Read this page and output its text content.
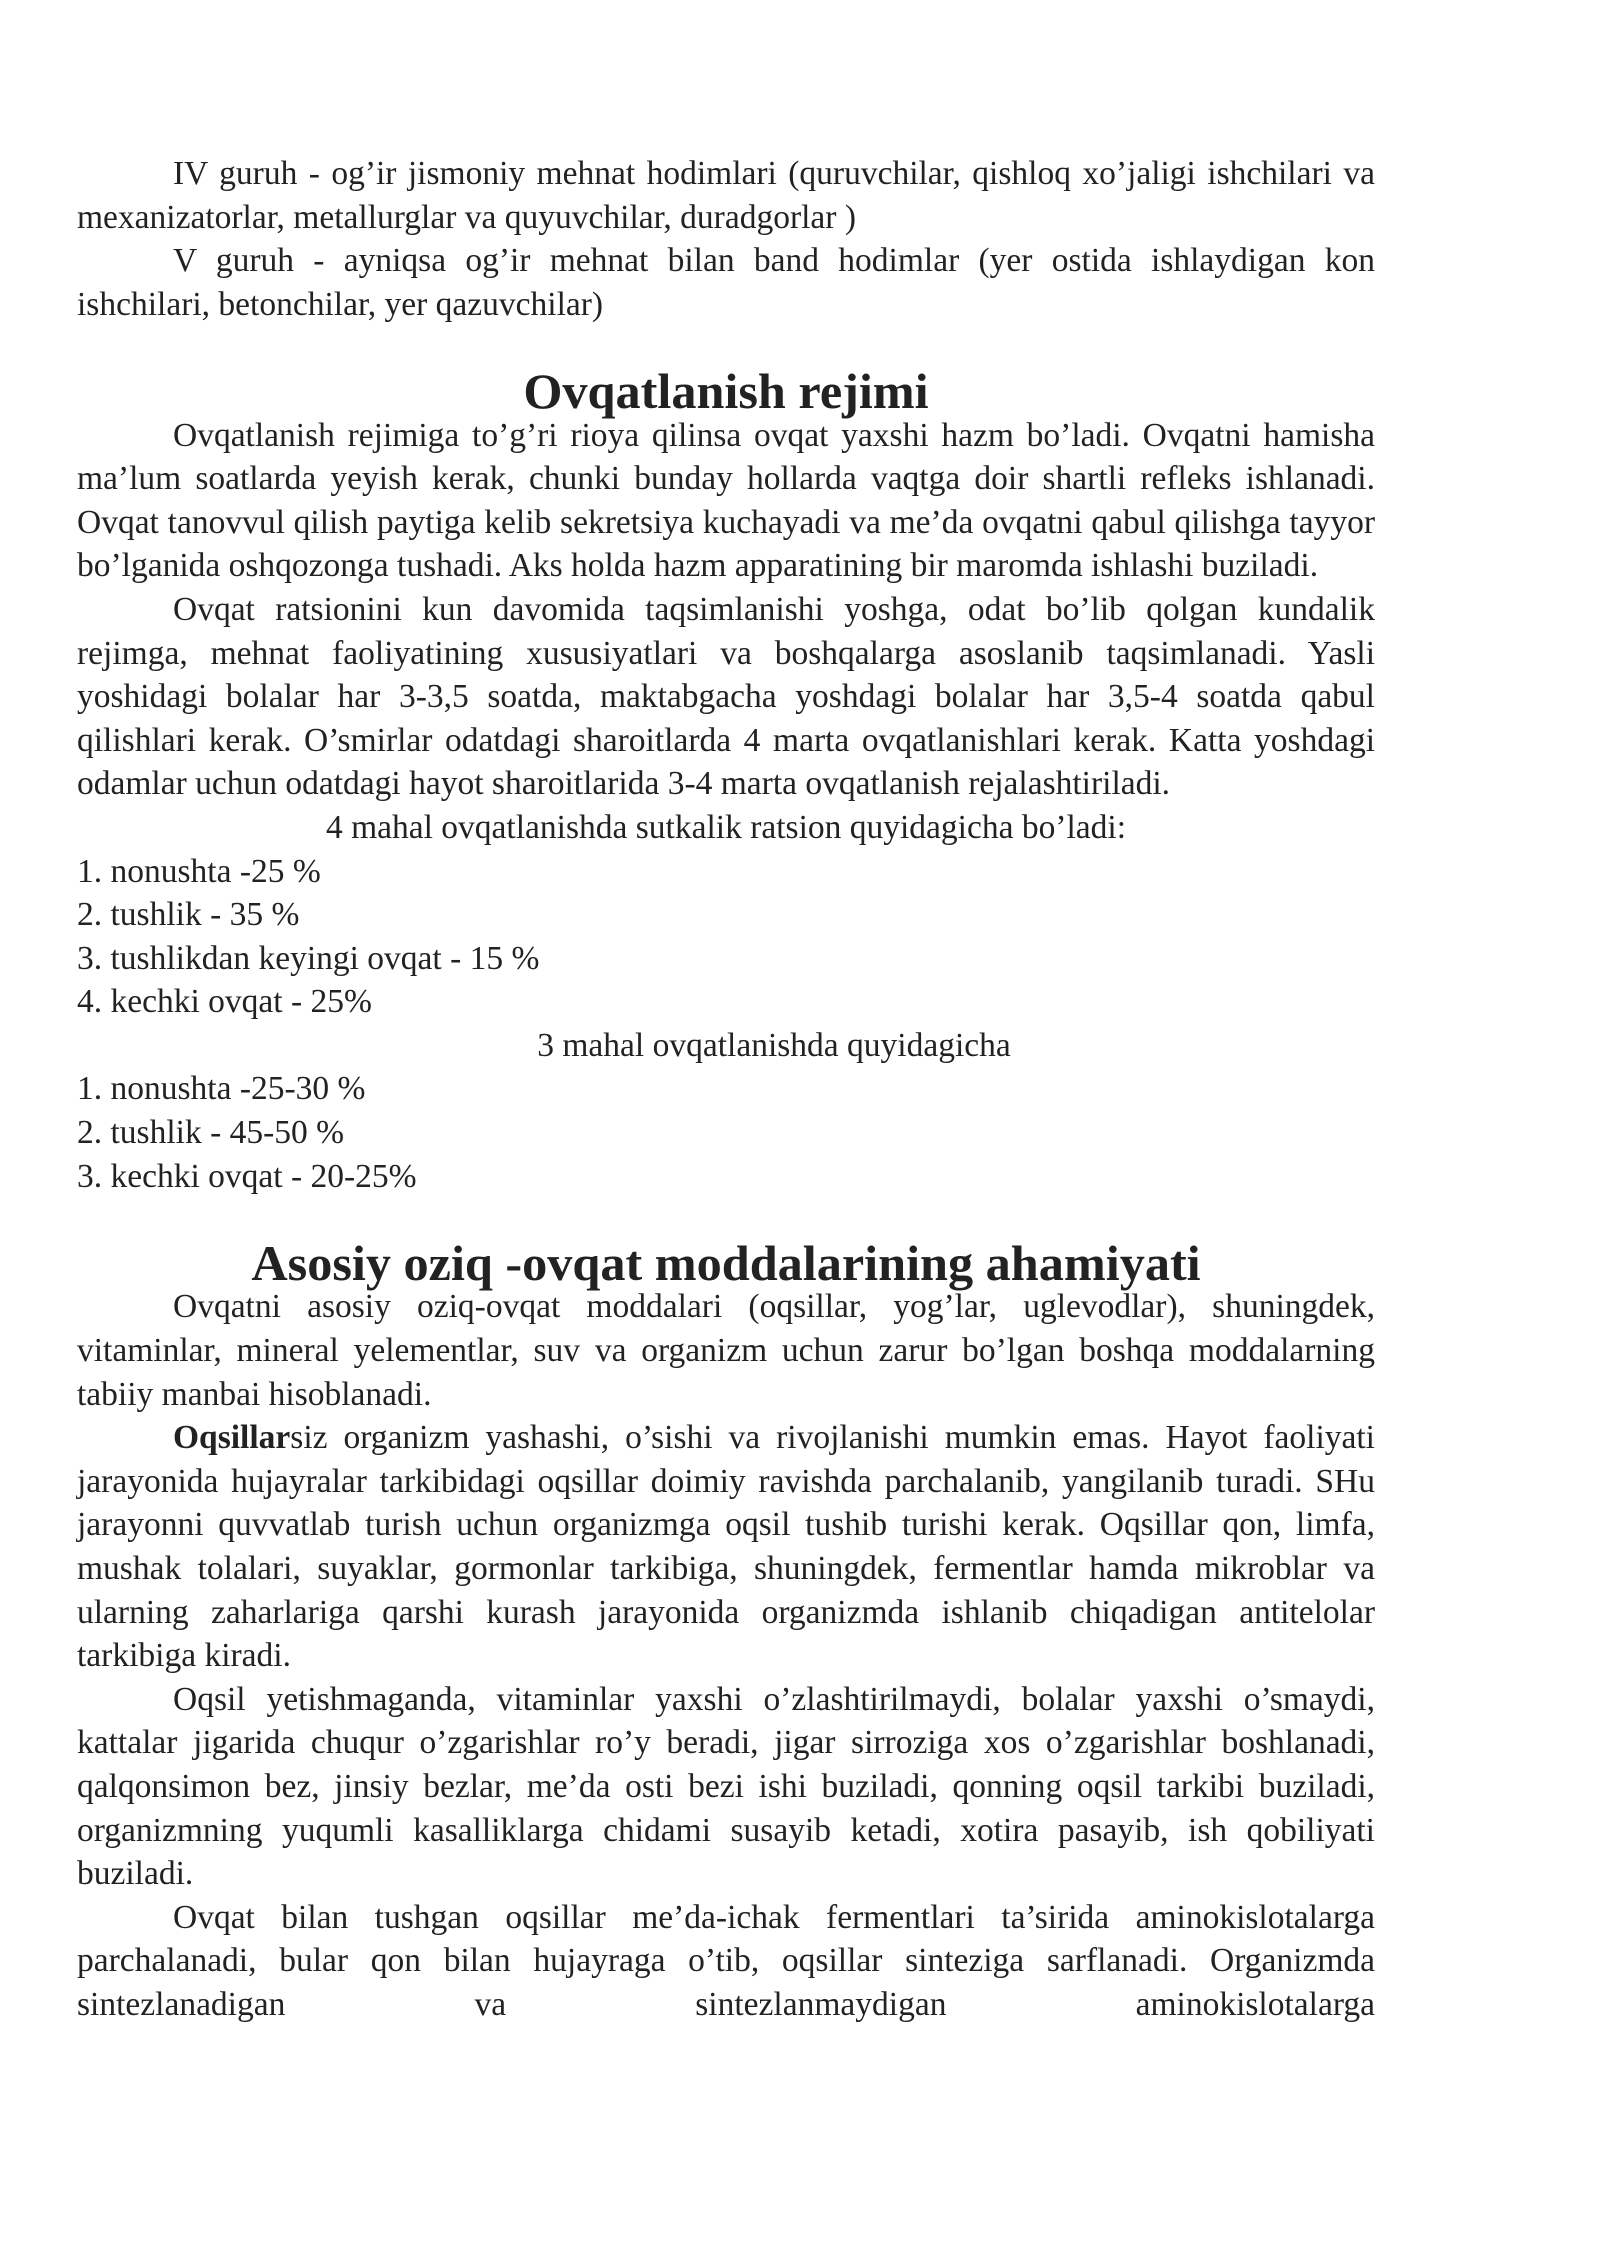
IV guruh - og’ir jismoniy mehnat hodimlari (quruvchilar, qishloq xo’jaligi ishchilari va mexanizatorlar, metallurglar va quyuvchilar, duradgorlar )

V guruh - ayniqsa og’ir mehnat bilan band hodimlar (yer ostida ishlaydigan kon ishchilari, betonchilar, yer qazuvchilar)

Ovqatlanish rejimi

Ovqatlanish rejimiga to’g’ri rioya qilinsa ovqat yaxshi hazm bo’ladi. Ovqatni hamisha ma’lum soatlarda yeyish kerak, chunki bunday hollarda vaqtga doir shartli refleks ishlanadi. Ovqat tanovvul qilish paytiga kelib sekretsiya kuchayadi va me’da ovqatni qabul qilishga tayyor bo’lganida oshqozonga tushadi. Aks holda hazm apparatining bir maromda ishlashi buziladi.

Ovqat ratsionini kun davomida taqsimlanishi yoshga, odat bo’lib qolgan kundalik rejimga, mehnat faoliyatining xususiyatlari va boshqalarga asoslanib taqsimlanadi. Yasli yoshidagi bolalar har 3-3,5 soatda, maktabgacha yoshdagi bolalar har 3,5-4 soatda qabul qilishlari kerak. O’smirlar odatdagi sharoitlarda 4 marta ovqatlanishlari kerak. Katta yoshdagi odamlar uchun odatdagi hayot sharoitlarida 3-4 marta ovqatlanish rejalashtiriladi.

4 mahal ovqatlanishda sutkalik ratsion quyidagicha bo’ladi:

1. nonushta -25 %
2. tushlik - 35 %
3. tushlikdan keyingi ovqat - 15 %
4. kechki ovqat - 25%

3 mahal ovqatlanishda quyidagicha

1. nonushta -25-30 %
2. tushlik - 45-50 %
3. kechki ovqat - 20-25%
Asosiy oziq -ovqat moddalarining ahamiyati

Ovqatni asosiy oziq-ovqat moddalari (oqsillar, yog’lar, uglevodlar), shuningdek, vitaminlar, mineral yelementlar, suv va organizm uchun zarur bo’lgan boshqa moddalarning tabiiy manbai hisoblanadi.

Oqsillarsiz organizm yashashi, o’sishi va rivojlanishi mumkin emas. Hayot faoliyati jarayonida hujayralar tarkibidagi oqsillar doimiy ravishda parchalanib, yangilanib turadi. SHu jarayonni quvvatlab turish uchun organizmga oqsil tushib turishi kerak. Oqsillar qon, limfa, mushak tolalari, suyaklar, gormonlar tarkibiga, shuningdek, fermentlar hamda mikroblar va ularning zaharlariga qarshi kurash jarayonida organizmda ishlanib chiqadigan antitelolar tarkibiga kiradi.

Oqsil yetishmaganda, vitaminlar yaxshi o’zlashtirilmaydi, bolalar yaxshi o’smaydi, kattalar jigarida chuqur o’zgarishlar ro’y beradi, jigar sirroziga xos o’zgarishlar boshlanadi, qalqonsimon bez, jinsiy bezlar, me’da osti bezi ishi buziladi, qonning oqsil tarkibi buziladi, organizmning yuqumli kasalliklarga chidami susayib ketadi, xotira pasayib, ish qobiliyati buziladi.

Ovqat bilan tushgan oqsillar me’da-ichak fermentlari ta’sirida aminokislotalarga parchalanadi, bular qon bilan hujayraga o’tib, oqsillar sinteziga sarflanadi. Organizmda sintezlanadigan va sintezlanmaydigan aminokislotalarga
